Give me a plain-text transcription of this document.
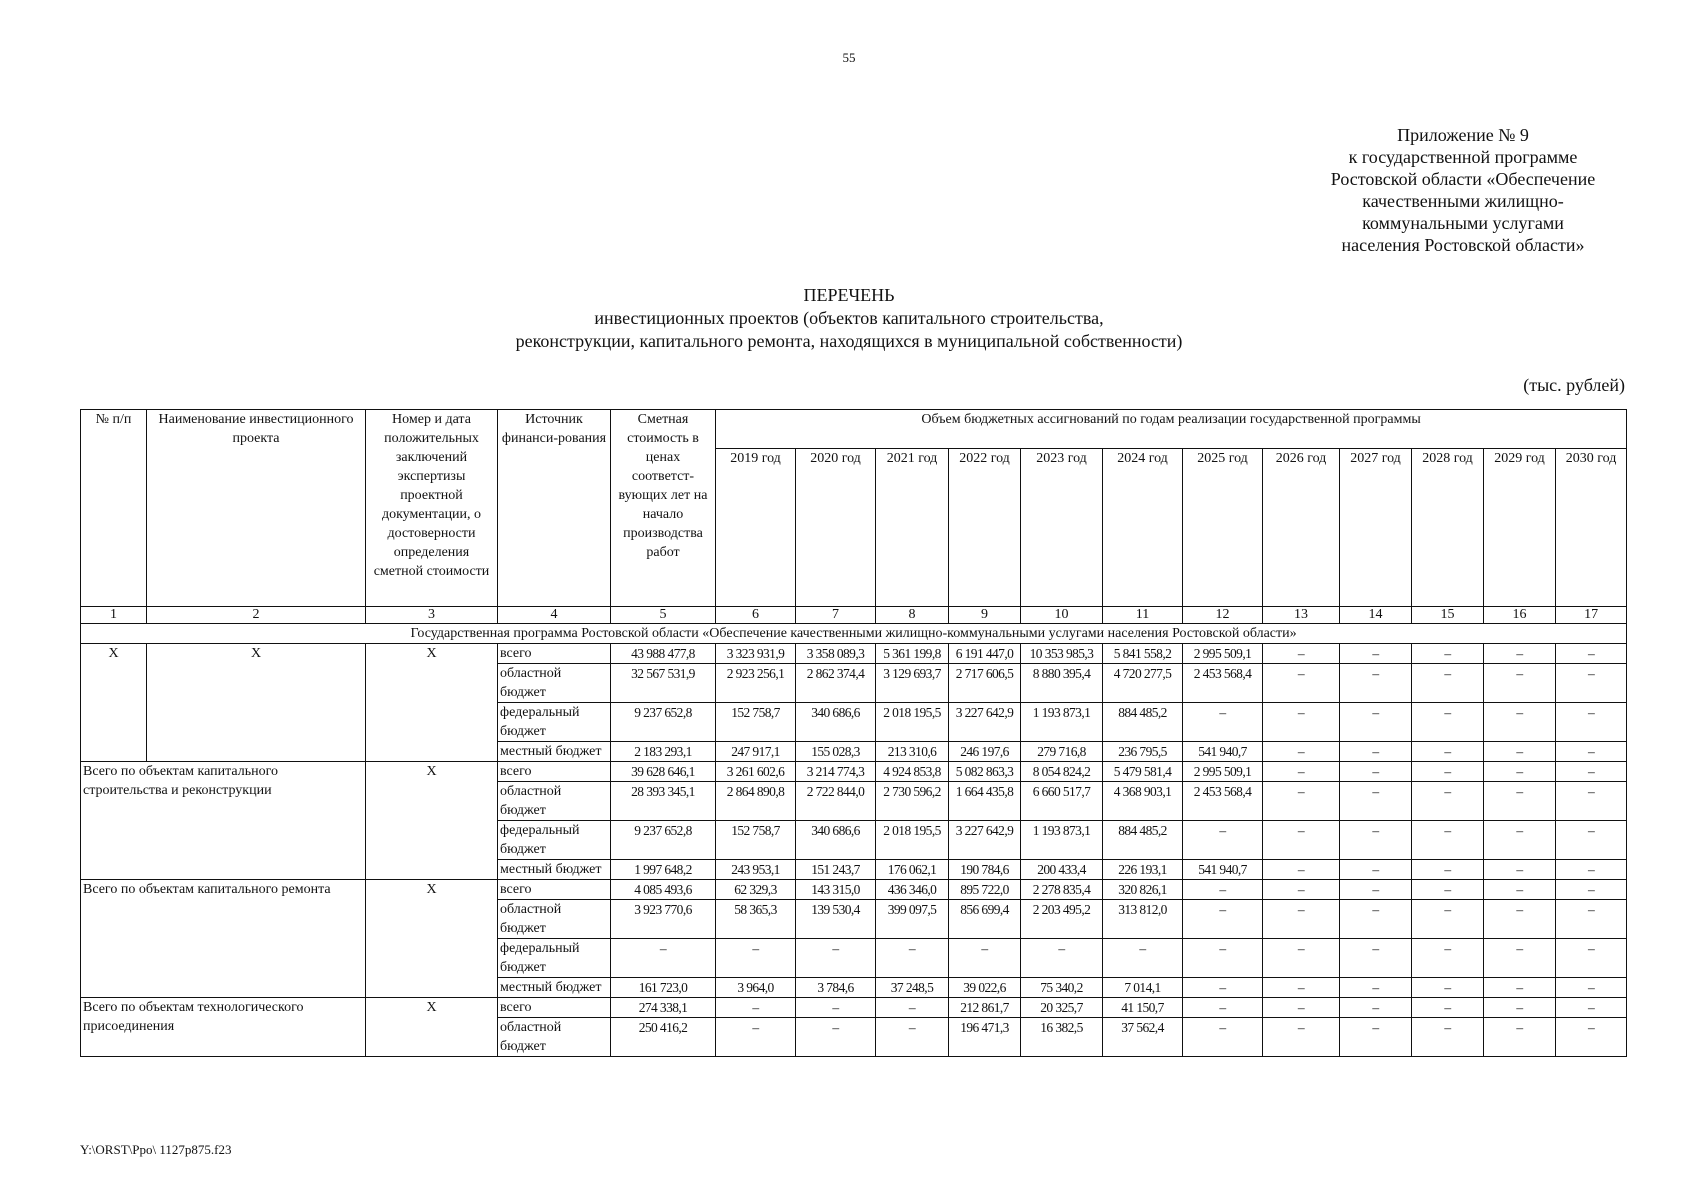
55
Приложение № 9
к государственной программе
Ростовской области «Обеспечение
качественными жилищно-
коммунальными услугами
населения Ростовской области»
ПЕРЕЧЕНЬ
инвестиционных проектов (объектов капитального строительства,
реконструкции, капитального ремонта, находящихся в муниципальной собственности)
(тыс. рублей)
№ п/п	Наименование инвестиционного проекта	Номер и дата положительных заключений экспертизы проектной документации, о достоверности определения сметной стоимости	Источник финанси-рования	Сметная стоимость в ценах соответст-вующих лет на начало производства работ	Объем бюджетных ассигнований по годам реализации государственной программы											
					2019 год	2020 год	2021 год	2022 год	2023 год	2024 год	2025 год	2026 год	2027 год	2028 год	2029 год	2030 год
1	2	3	4	5	6	7	8	9	10	11	12	13	14	15	16	17
Государственная программа Ростовской области «Обеспечение качественными жилищно-коммунальными услугами населения Ростовской области»																
X	X	X	всего	43 988 477,8	3 323 931,9	3 358 089,3	5 361 199,8	6 191 447,0	10 353 985,3	5 841 558,2	2 995 509,1	–	–	–	–	–
			областной бюджет	32 567 531,9	2 923 256,1	2 862 374,4	3 129 693,7	2 717 606,5	8 880 395,4	4 720 277,5	2 453 568,4	–	–	–	–	–
			федеральный бюджет	9 237 652,8	152 758,7	340 686,6	2 018 195,5	3 227 642,9	1 193 873,1	884 485,2	–	–	–	–	–	–
			местный бюджет	2 183 293,1	247 917,1	155 028,3	213 310,6	246 197,6	279 716,8	236 795,5	541 940,7	–	–	–	–	–
Всего по объектам капитального строительства и реконструкции		X	всего	39 628 646,1	3 261 602,6	3 214 774,3	4 924 853,8	5 082 863,3	8 054 824,2	5 479 581,4	2 995 509,1	–	–	–	–	–
			областной бюджет	28 393 345,1	2 864 890,8	2 722 844,0	2 730 596,2	1 664 435,8	6 660 517,7	4 368 903,1	2 453 568,4	–	–	–	–	–
			федеральный бюджет	9 237 652,8	152 758,7	340 686,6	2 018 195,5	3 227 642,9	1 193 873,1	884 485,2	–	–	–	–	–	–
			местный бюджет	1 997 648,2	243 953,1	151 243,7	176 062,1	190 784,6	200 433,4	226 193,1	541 940,7	–	–	–	–	–
Всего по объектам капитального ремонта		X	всего	4 085 493,6	62 329,3	143 315,0	436 346,0	895 722,0	2 278 835,4	320 826,1	–	–	–	–	–	–
			областной бюджет	3 923 770,6	58 365,3	139 530,4	399 097,5	856 699,4	2 203 495,2	313 812,0	–	–	–	–	–	–
			федеральный бюджет	–	–	–	–	–	–	–	–	–	–	–	–	–
			местный бюджет	161 723,0	3 964,0	3 784,6	37 248,5	39 022,6	75 340,2	7 014,1	–	–	–	–	–	–
Всего по объектам технологического присоединения		X	всего	274 338,1	–	–	–	212 861,7	20 325,7	41 150,7	–	–	–	–	–	–
			областной бюджет	250 416,2	–	–	–	196 471,3	16 382,5	37 562,4	–	–	–	–	–	–
Y:\ORST\Ppo\ 1127p875.f23
